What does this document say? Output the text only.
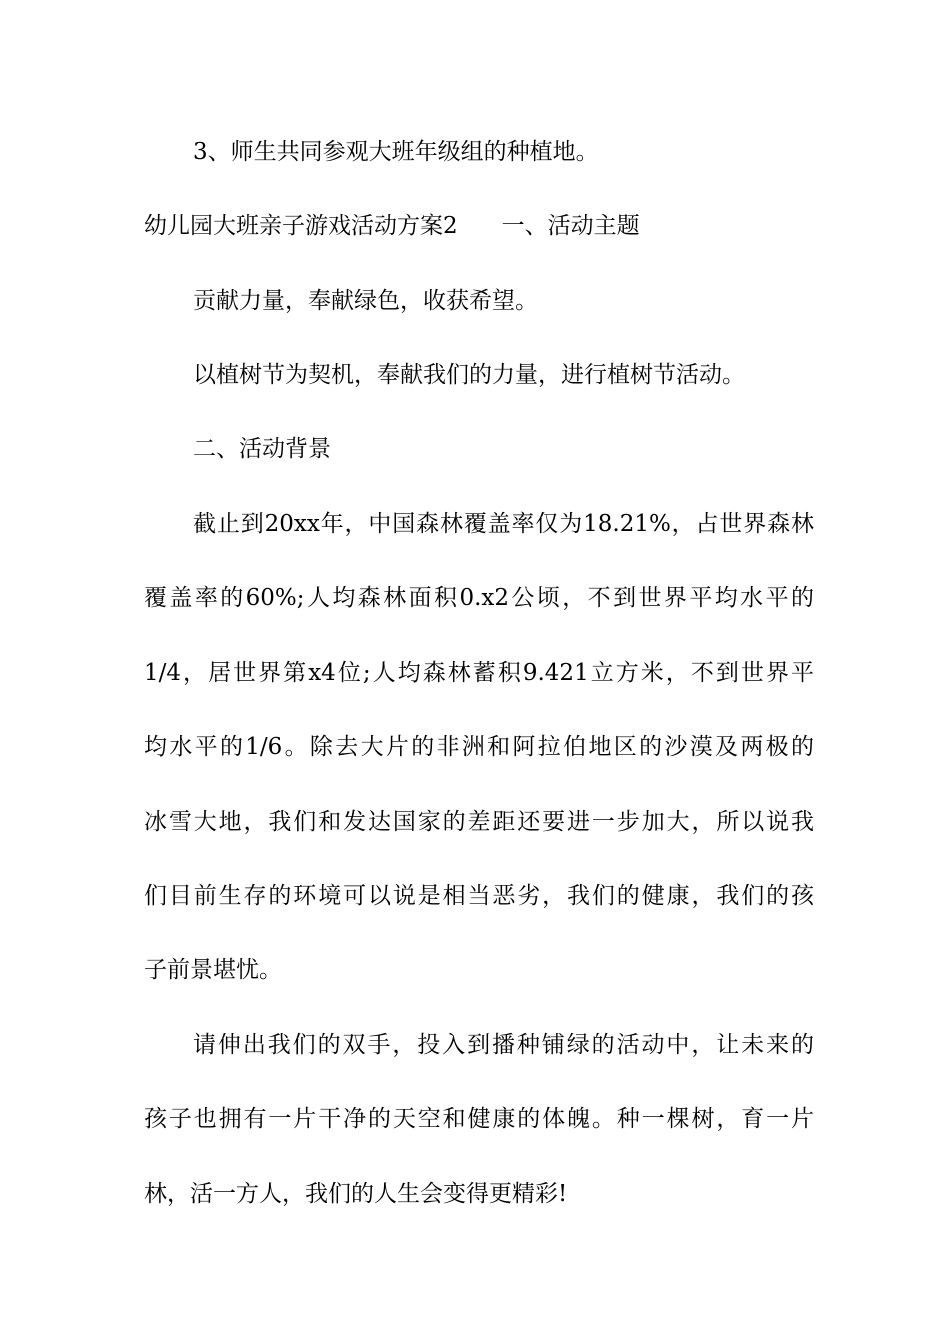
3、师生共同参观大班年级组的种植地。
幼儿园大班亲子游戏活动方案2 一、活动主题
贡献力量，奉献绿色，收获希望。
以植树节为契机，奉献我们的力量，进行植树节活动。
二、活动背景
截止到20xx年，中国森林覆盖率仅为18.21%，占世界森林
覆盖率的60%;人均森林面积0.x2公顷，不到世界平均水平的
1/4，居世界第x4位;人均森林蓄积9.421立方米，不到世界平
均水平的1/6。除去大片的非洲和阿拉伯地区的沙漠及两极的
冰雪大地，我们和发达国家的差距还要进一步加大，所以说我
们目前生存的环境可以说是相当恶劣，我们的健康，我们的孩
子前景堪忧。
请伸出我们的双手，投入到播种铺绿的活动中，让未来的
孩子也拥有一片干净的天空和健康的体魄。种一棵树，育一片
林，活一方人，我们的人生会变得更精彩!
